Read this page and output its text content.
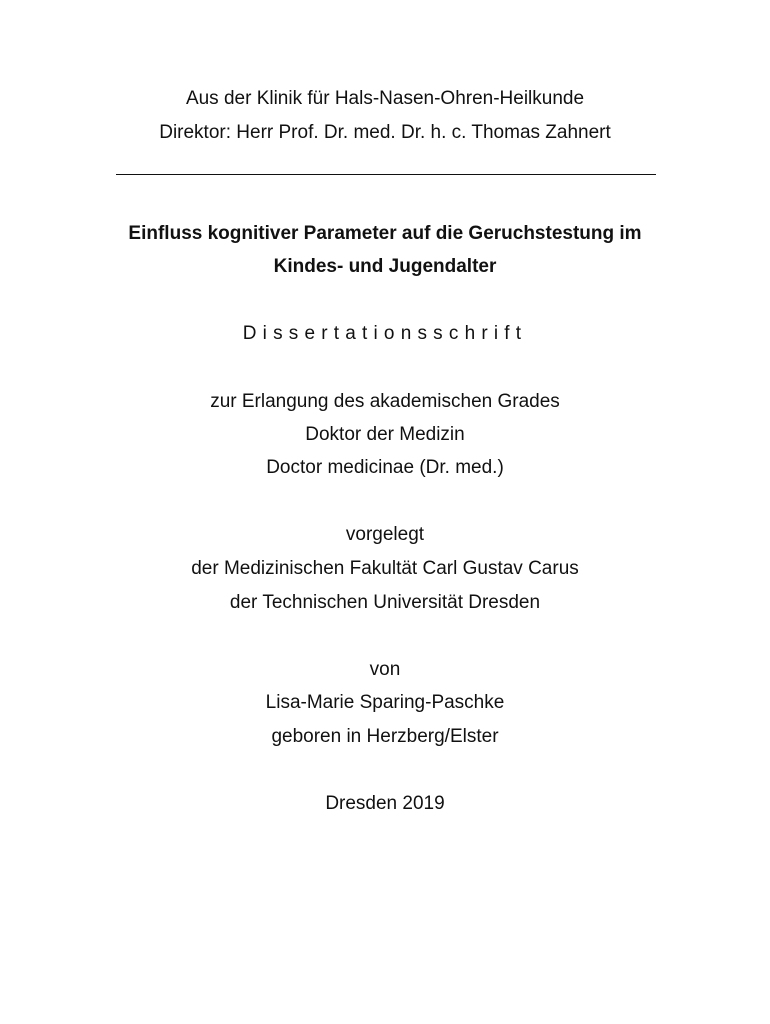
Aus der Klinik für Hals-Nasen-Ohren-Heilkunde
Direktor: Herr Prof. Dr. med. Dr. h. c. Thomas Zahnert
Einfluss kognitiver Parameter auf die Geruchstestung im
Kindes- und Jugendalter
Dissertationsschrift
zur Erlangung des akademischen Grades
Doktor der Medizin
Doctor medicinae (Dr. med.)
vorgelegt
der Medizinischen Fakultät Carl Gustav Carus
der Technischen Universität Dresden
von
Lisa-Marie Sparing-Paschke
geboren in Herzberg/Elster
Dresden 2019
